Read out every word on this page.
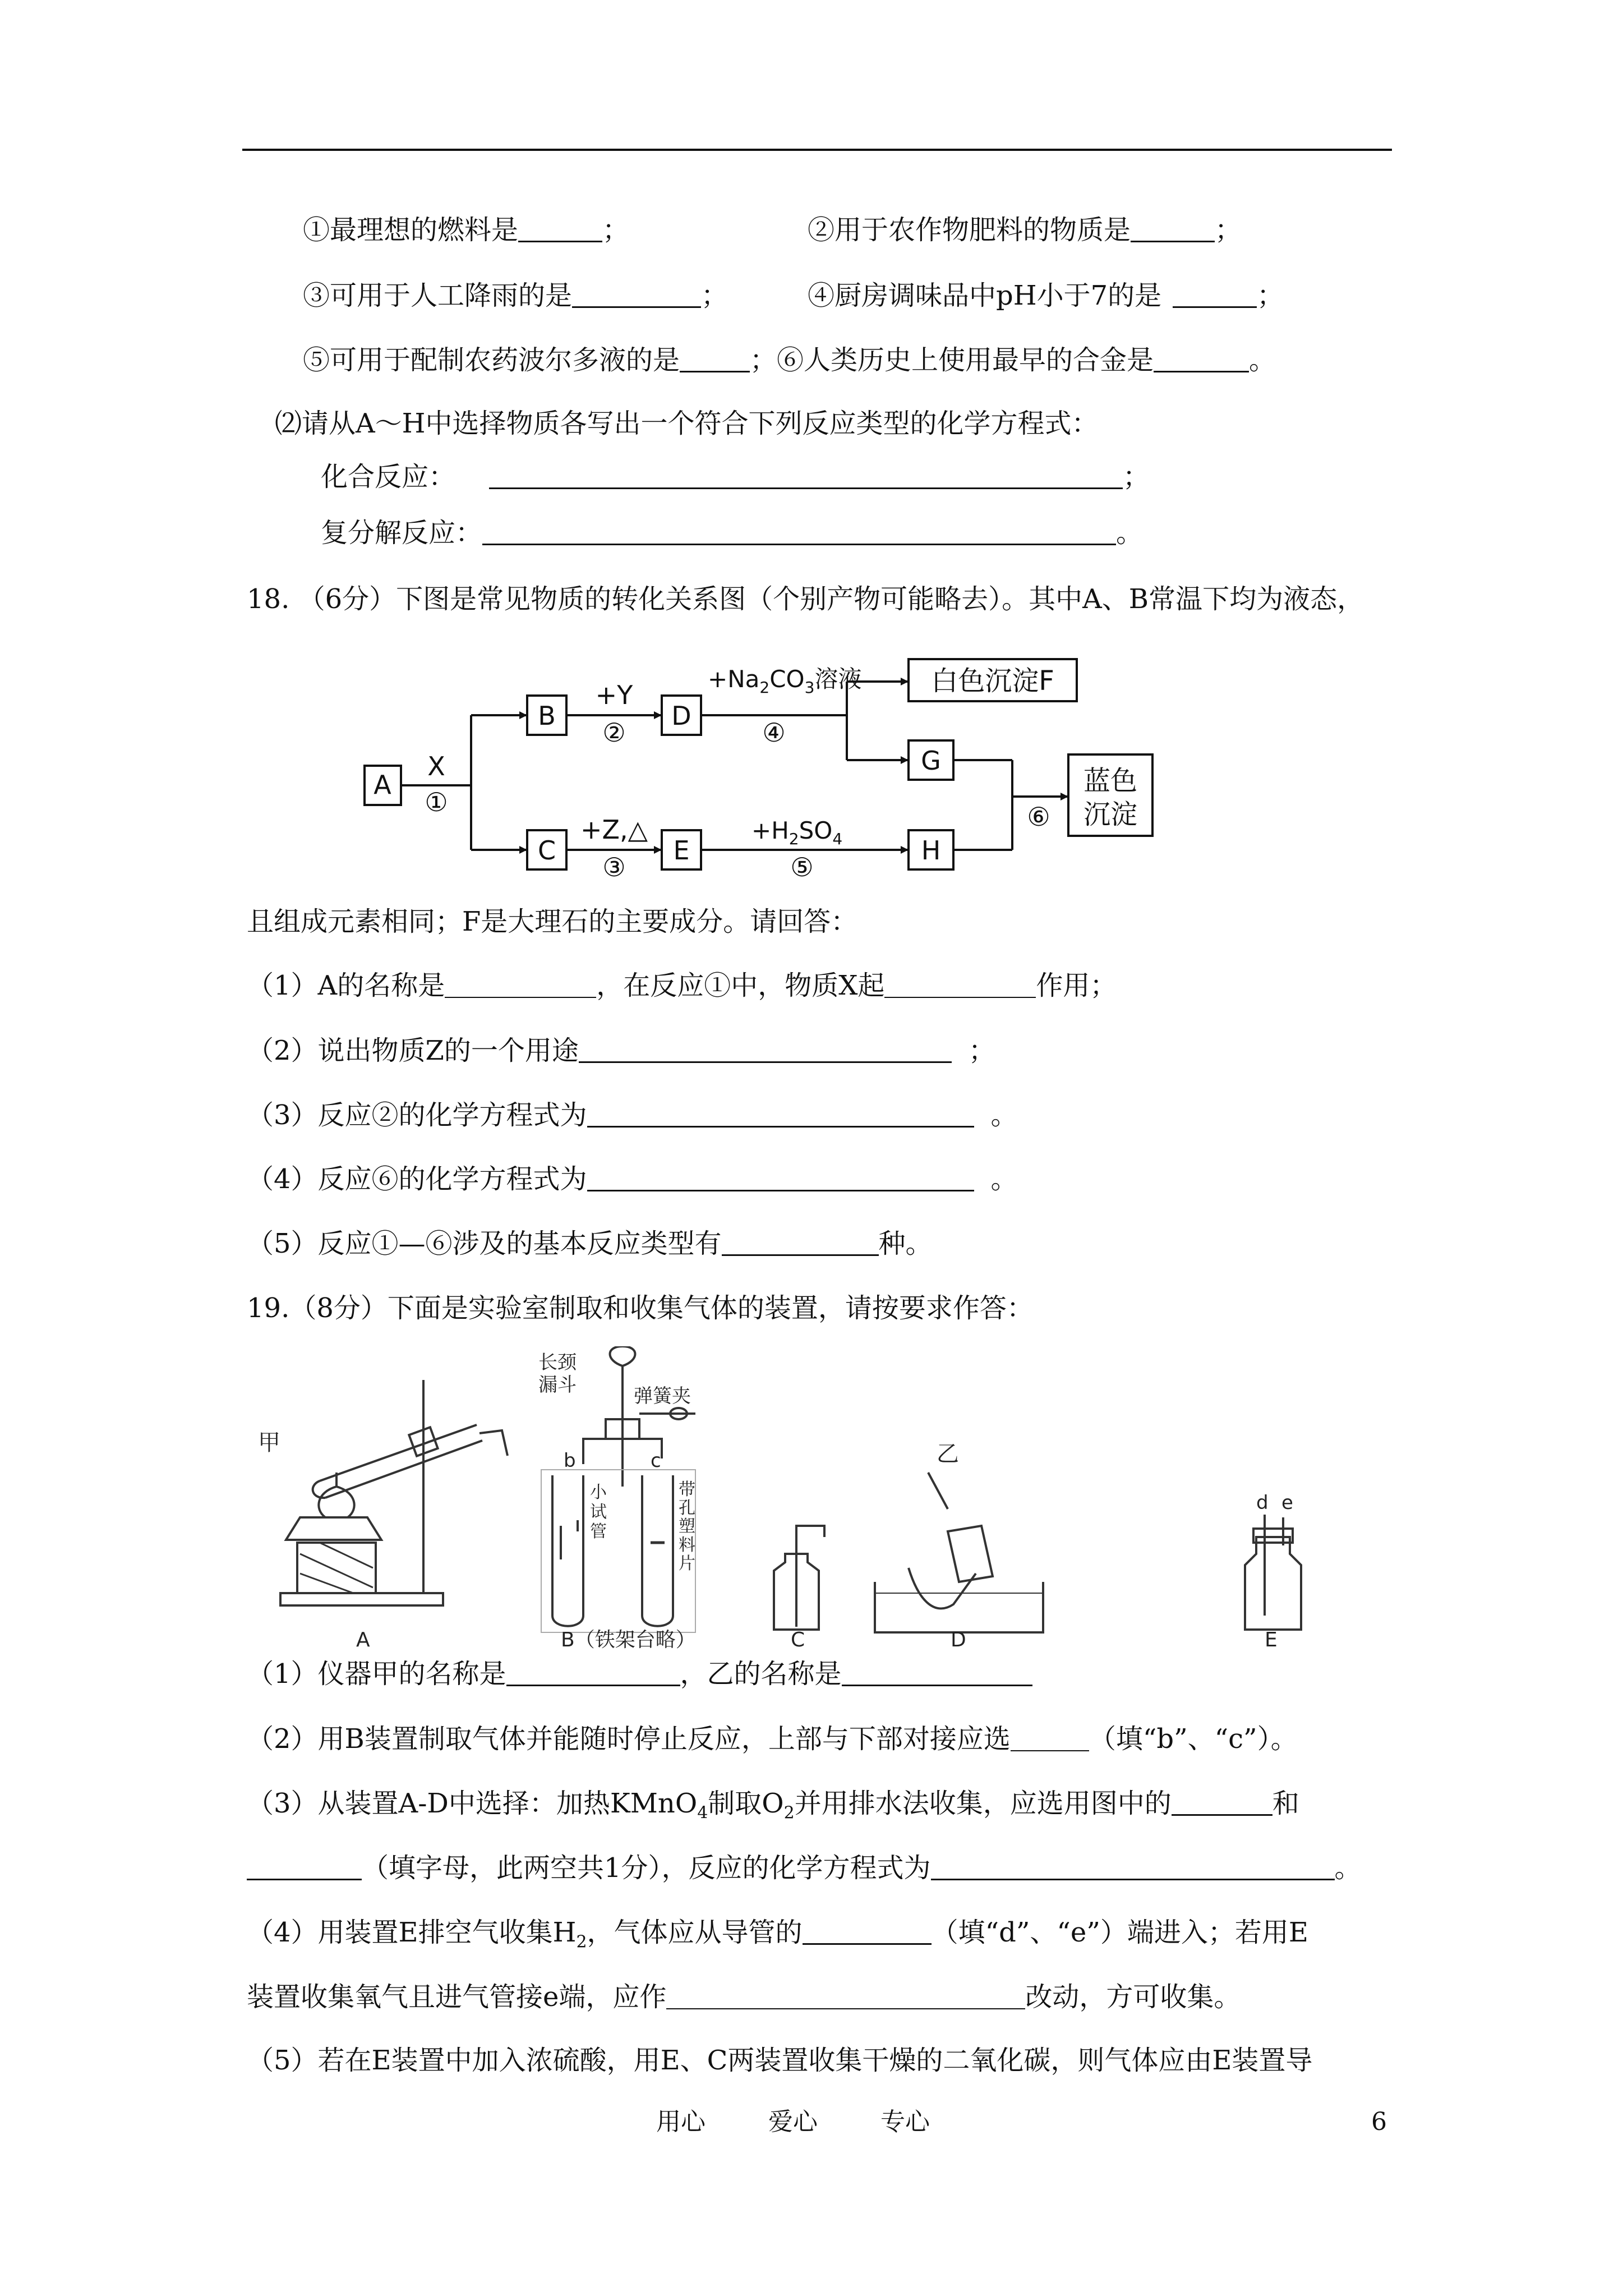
①最理想的燃料是	；	②用于农作物肥料的物质是	；
③可用于人工降雨的是	；	④厨房调味品中pH小于7的是	；
⑤可用于配制农药波尔多液的是	；⑥人类历史上使用最早的合金是	。
⑵请从A～H中选择物质各写出一个符合下列反应类型的化学方程式：
化合反应：	；
复分解反应：	。
18. （6分）下图是常见物质的转化关系图（个别产物可能略去）。其中A、B常温下均为液态，
A
B	D
C	E
G
H
白色沉淀F
蓝色
沉淀
X
①
+Y
②
+Z,△
③
$+Na_2CO_3$溶液
④
$+H_2SO_4$
⑤
⑥
且组成元素相同；F是大理石的主要成分。请回答：
（1）A的名称是	，在反应①中，物质X起	作用；
（2）说出物质Z的一个用途	；
（3）反应②的化学方程式为	。
（4）反应⑥的化学方程式为	。
（5）反应①—⑥涉及的基本反应类型有	种。
19.（8分）下面是实验室制取和收集气体的装置，请按要求作答：
甲	乙
长颈
漏斗	弹簧夹
b	c
小
试
管
带
孔
塑
料
片
d e
A	B（铁架台略）	C	D	E
（1）仪器甲的名称是	，乙的名称是
（2）用B装置制取气体并能随时停止反应，上部与下部对接应选	（填“b”、“c”）。
（3）从装置A-D中选择：加热KMnO$_4$制取$O_2$并用排水法收集，应选用图中的	和
（填字母，此两空共1分），反应的化学方程式为	。
（4）用装置E排空气收集$H_2$，气体应从导管的	（填“d”、“e”）端进入；若用E
装置收集氧气且进气管接e端，应作	改动，方可收集。
（5）若在E装置中加入浓硫酸，用E、C两装置收集干燥的二氧化碳，则气体应由E装置导
用心	爱心	专心	6
